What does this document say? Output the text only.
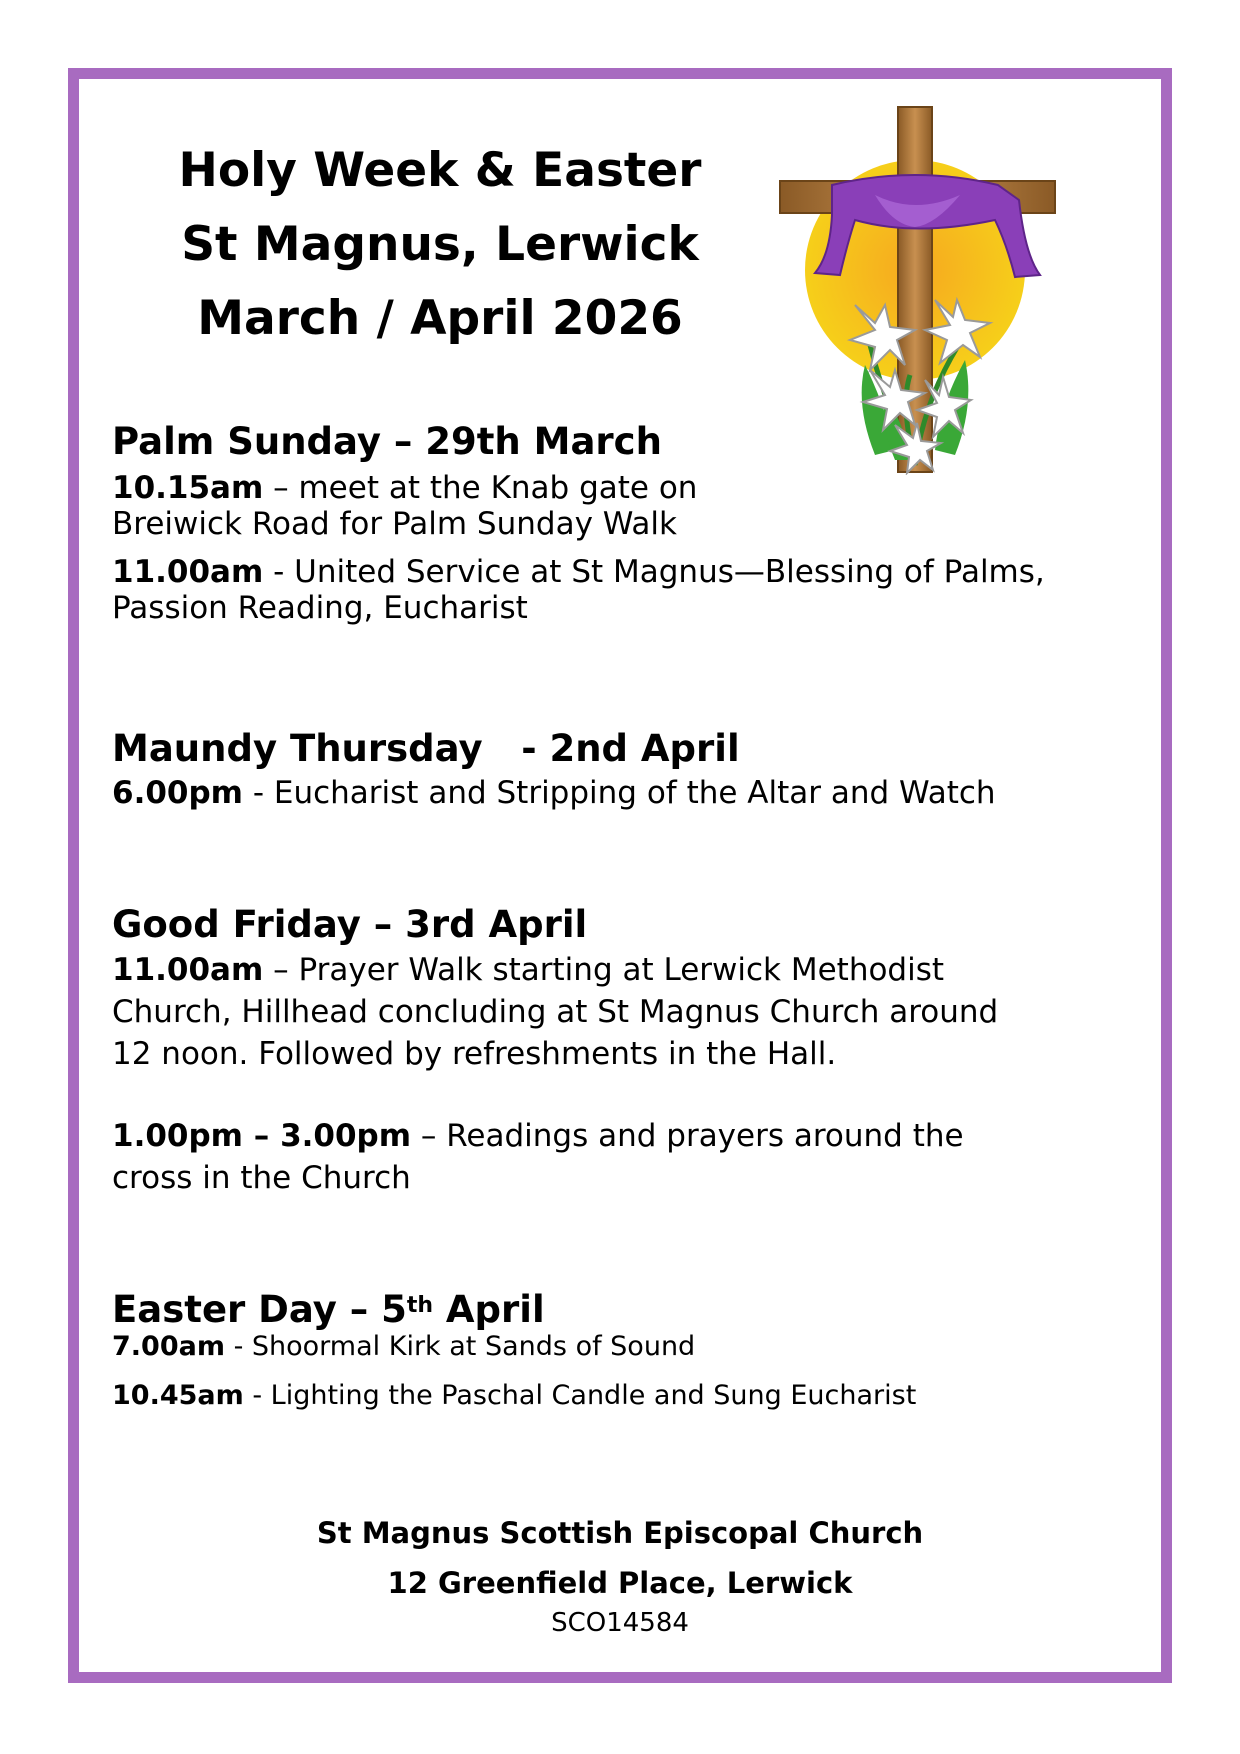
Holy Week & Easter
St Magnus, Lerwick
March / April 2026
Palm Sunday – 29th March
10.15am – meet at the Knab gate on
Breiwick Road for Palm Sunday Walk
11.00am - United Service at St Magnus—Blessing of Palms,
Passion Reading, Eucharist
Maundy Thursday   - 2nd April
6.00pm - Eucharist and Stripping of the Altar and Watch
Good Friday – 3rd April
11.00am – Prayer Walk starting at Lerwick Methodist
Church, Hillhead concluding at St Magnus Church around
12 noon. Followed by refreshments in the Hall.
1.00pm – 3.00pm – Readings and prayers around the
cross in the Church
Easter Day – 5th April
7.00am - Shoormal Kirk at Sands of Sound
10.45am - Lighting the Paschal Candle and Sung Eucharist
St Magnus Scottish Episcopal Church
12 Greenfield Place, Lerwick
SCO14584
